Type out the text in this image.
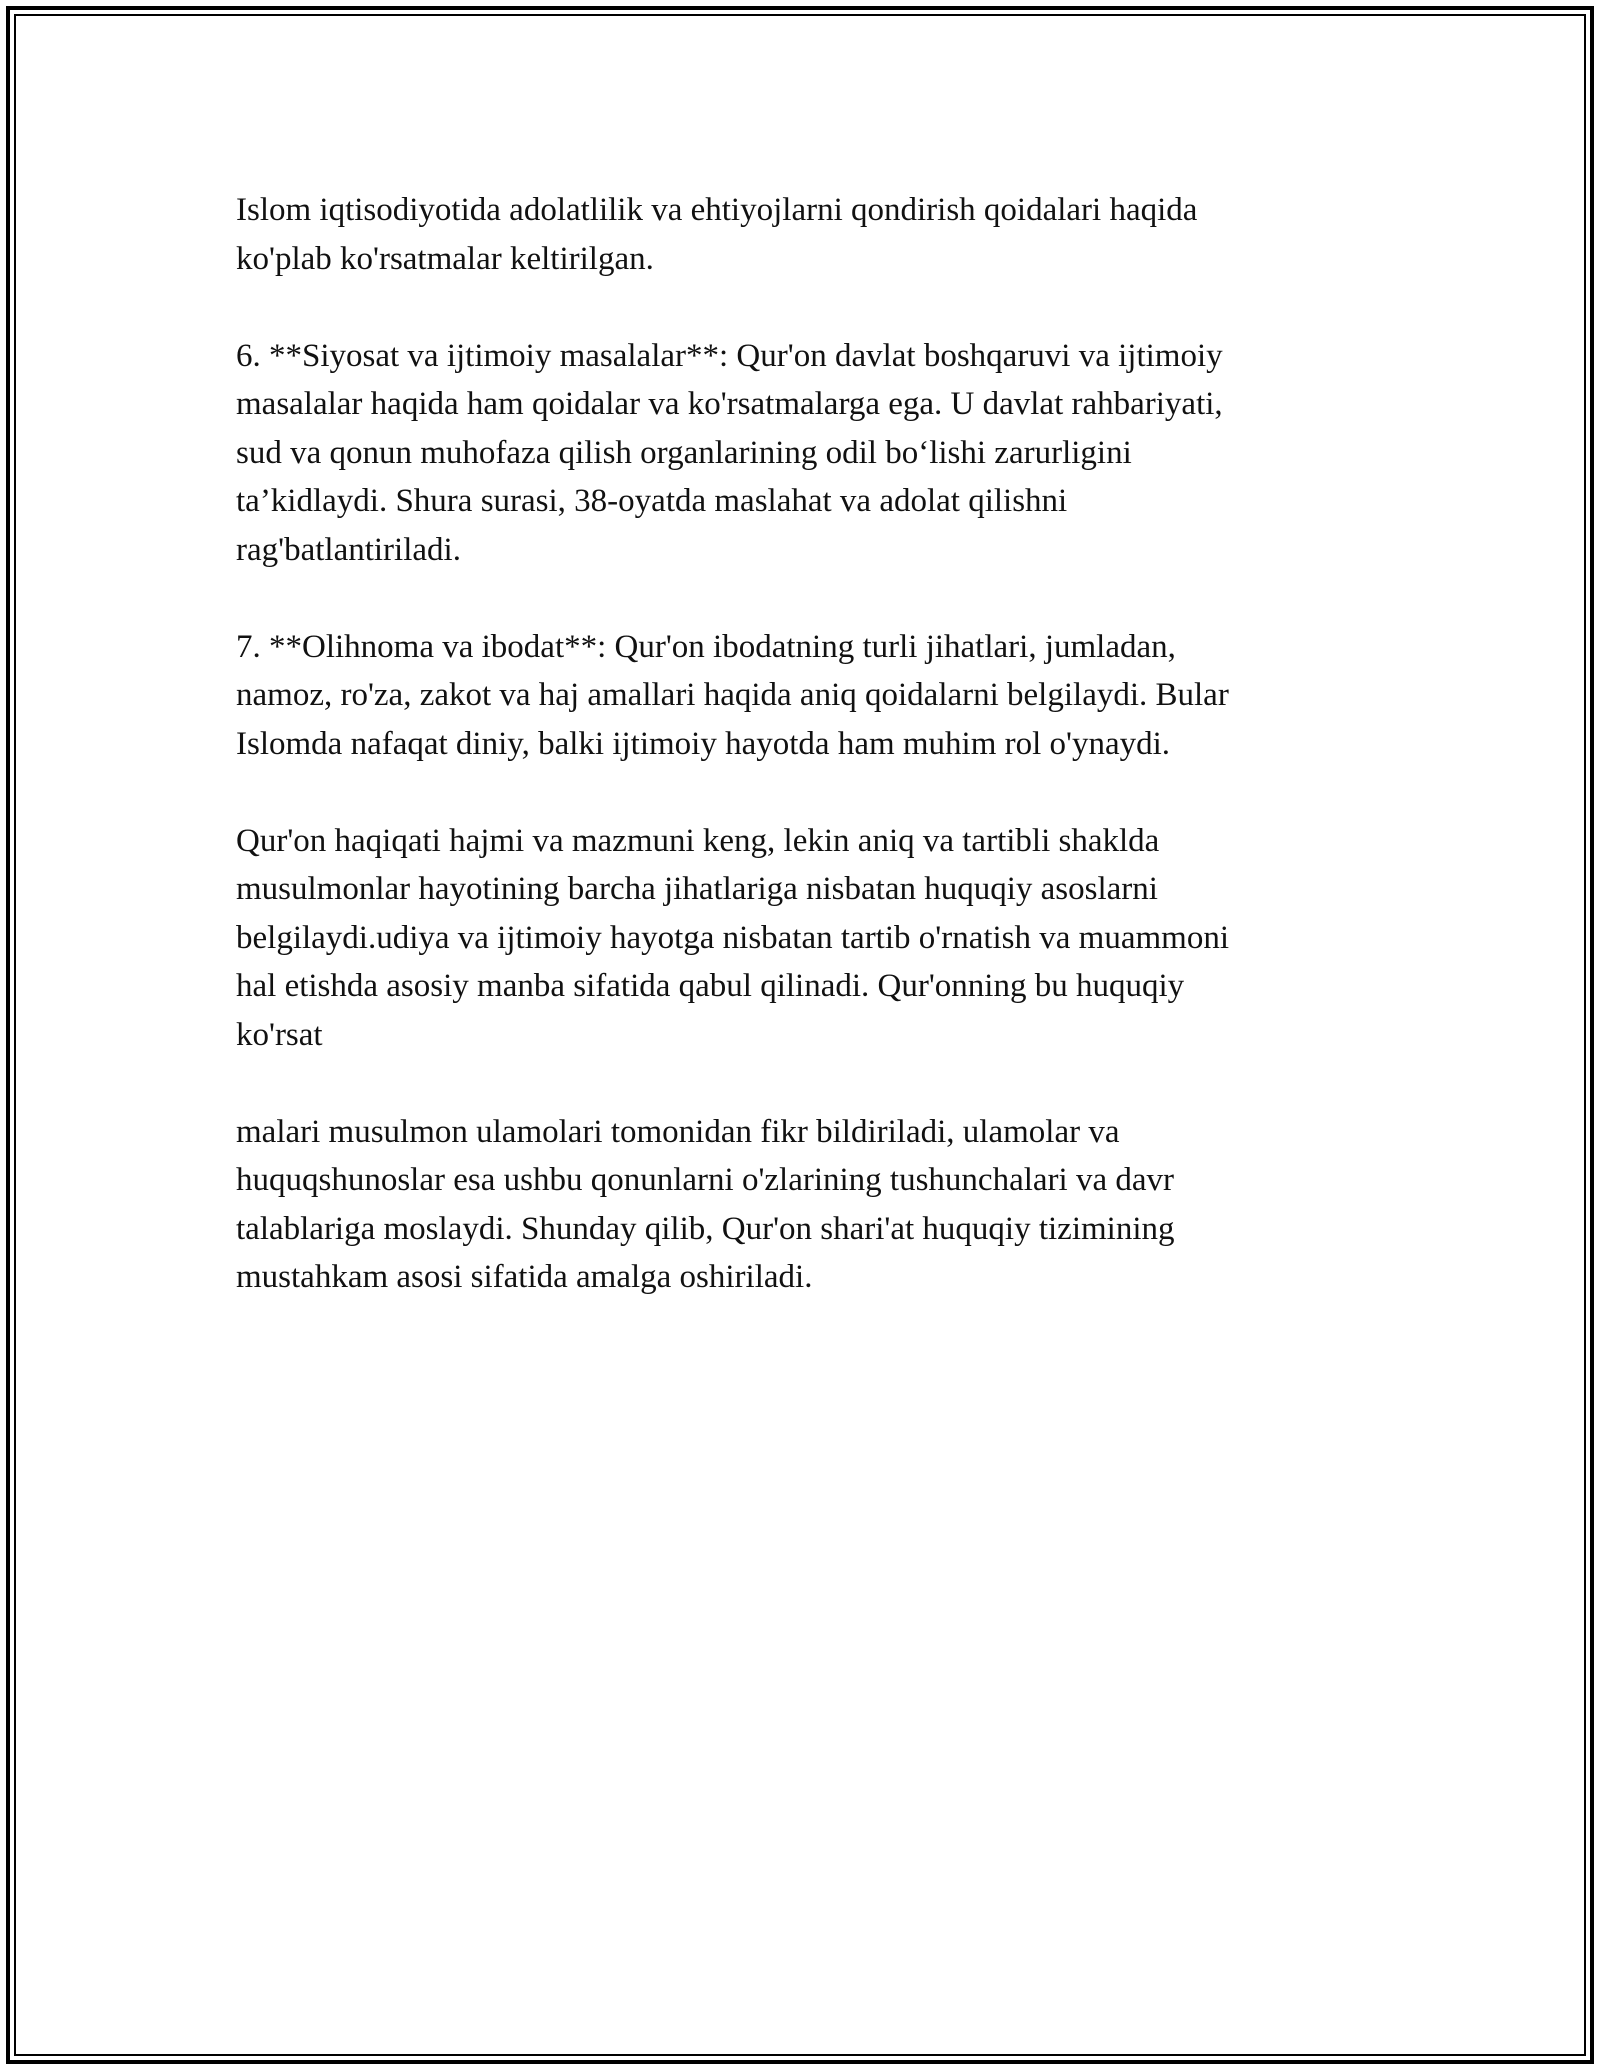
Islom iqtisodiyotida adolatlilik va ehtiyojlarni qondirish qoidalari haqida
ko'plab ko'rsatmalar keltirilgan.

6. **Siyosat va ijtimoiy masalalar**: Qur'on davlat boshqaruvi va ijtimoiy
masalalar haqida ham qoidalar va ko'rsatmalarga ega. U davlat rahbariyati,
sud va qonun muhofaza qilish organlarining odil bo‘lishi zarurligini
ta’kidlaydi. Shura surasi, 38-oyatda maslahat va adolat qilishni
rag'batlantiriladi.

7. **Olihnoma va ibodat**: Qur'on ibodatning turli jihatlari, jumladan,
namoz, ro'za, zakot va haj amallari haqida aniq qoidalarni belgilaydi. Bular
Islomda nafaqat diniy, balki ijtimoiy hayotda ham muhim rol o'ynaydi.

Qur'on haqiqati hajmi va mazmuni keng, lekin aniq va tartibli shaklda
musulmonlar hayotining barcha jihatlariga nisbatan huquqiy asoslarni
belgilaydi.udiya va ijtimoiy hayotga nisbatan tartib o'rnatish va muammoni
hal etishda asosiy manba sifatida qabul qilinadi. Qur'onning bu huquqiy
ko'rsat

malari musulmon ulamolari tomonidan fikr bildiriladi, ulamolar va
huquqshunoslar esa ushbu qonunlarni o'zlarining tushunchalari va davr
talablariga moslaydi. Shunday qilib, Qur'on shari'at huquqiy tizimining
mustahkam asosi sifatida amalga oshiriladi.
